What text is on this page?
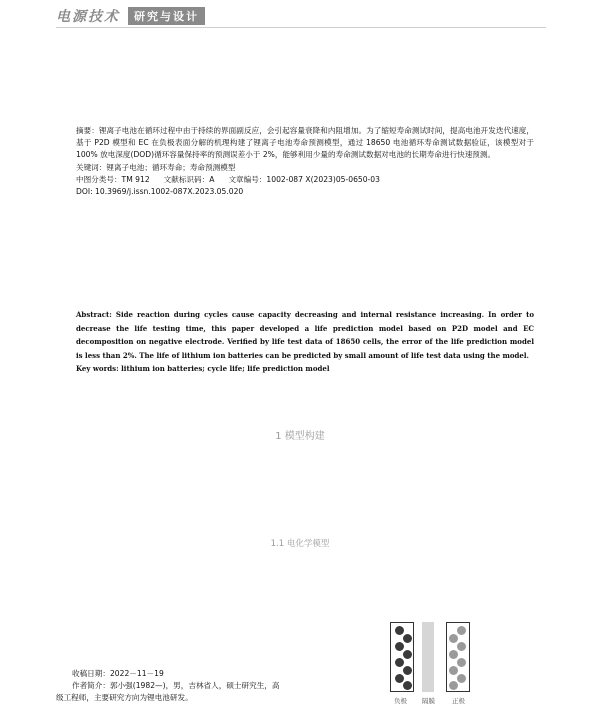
电源技术	研究与设计

摘要：锂离子电池在循环过程中由于持续的界面副反应，会引起容量衰降和内阻增加。为了缩短寿命测试时间，提高电池开发迭代速度，基于 P2D 模型和 EC 在负极表面分解的机理构建了锂离子电池寿命预测模型，通过 18650 电池循环寿命测试数据验证，该模型对于 100% 放电深度(DOD)循环容量保持率的预测误差小于 2%，能够利用少量的寿命测试数据对电池的长期寿命进行快速预测。

关键词：锂离子电池；循环寿命；寿命预测模型

中图分类号：TM 912 文献标识码：A 文章编号：1002-087 X(2023)05-0650-03

DOI: 10.3969/j.issn.1002-087X.2023.05.020

Abstract: Side reaction during cycles cause capacity decreasing and internal resistance increasing. In order to decrease the life testing time, this paper developed a life prediction model based on P2D model and EC decomposition on negative electrode. Verified by life test data of 18650 cells, the error of the life prediction model is less than 2%. The life of lithium ion batteries can be predicted by small amount of life test data using the model.

Key words: lithium ion batteries; cycle life; life prediction model

1 模型构建
1.1 电化学模型
负极 隔膜	正极

收稿日期：2022－11－19

作者简介：郭小强(1982—)，男，吉林省人，硕士研究生，高

级工程师，主要研究方向为锂电池研发。
